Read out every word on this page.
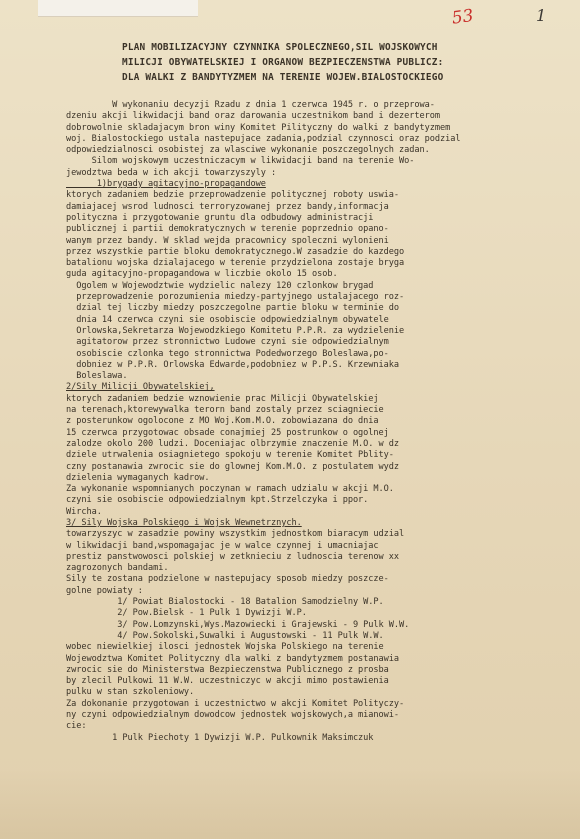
53	1
PLAN MOBILIZACYJNY CZYNNIKA SPOLECZNEGO,SIL WOJSKOWYCH
MILICJI OBYWATELSKIEJ I ORGANOW BEZPIECZENSTWA PUBLICZ:
DLA WALKI Z BANDYTYZMEM NA TERENIE WOJEW.BIALOSTOCKIEGO
W wykonaniu decyzji Rzadu z dnia 1 czerwca 1945 r. o przeprowa-
dzeniu akcji likwidacji band oraz darowania uczestnikom band i dezerterom
dobrowolnie skladajacym bron winy Komitet Pilityczny do walki z bandytyzmem
woj. Bialostockiego ustala nastepujace zadania,podzial czynnosci oraz podzial
odpowiedzialnosci osobistej za wlasciwe wykonanie poszczegolnych zadan.
Silom wojskowym uczestniczacym w likwidacji band na terenie Wo-
jewodztwa beda w ich akcji towarzyszyly :
1)brygady agitacyjno-propagandowe
ktorych zadaniem bedzie przeprowadzenie politycznej roboty uswia-
damiajacej wsrod ludnosci terroryzowanej przez bandy,informacja
polityczna i przygotowanie gruntu dla odbudowy administracji
publicznej i partii demokratycznych w terenie poprzednio opano-
wanym przez bandy. W sklad wejda pracownicy spoleczni wylonieni
przez wszystkie partie bloku demokratycznego.W zasadzie do kazdego
batalionu wojska dzialajacego w terenie przydzielona zostaje bryga
guda agitacyjno-propagandowa w liczbie okolo 15 osob.
Ogolem w Wojewodztwie wydzielic nalezy 120 czlonkow brygad
przeprowadzenie porozumienia miedzy-partyjnego ustalajacego roz-
dzial tej liczby miedzy poszczegolne partie bloku w terminie do
dnia 14 czerwca czyni sie osobiscie odpowiedzialnym obywatele
Orlowska,Sekretarza Wojewodzkiego Komitetu P.P.R. za wydzielenie
agitatorow przez stronnictwo Ludowe czyni sie odpowiedzialnym
osobiscie czlonka tego stronnictwa Podedworzego Boleslawa,po-
dobniez w P.P.R. Orlowska Edwarde,podobniez w P.P.S. Krzewniaka
Boleslawa.
2/Sily Milicji Obywatelskiej,
ktorych zadaniem bedzie wznowienie prac Milicji Obywatelskiej
na terenach,ktorewywalka terorn band zostaly przez sciagniecie
z posterunkow ogolocone z MO Woj.Kom.M.O. zobowiazana do dnia
15 czerwca przygotowac obsade conajmiej 25 postrunkow o ogolnej
zalodze okolo 200 ludzi. Doceniajac olbrzymie znaczenie M.O. w dz
dziele utrwalenia osiagnietego spokoju w terenie Komitet Pblity-
czny postanawia zwrocic sie do glownej Kom.M.O. z postulatem wydz
dzielenia wymaganych kadrow.
Za wykonanie wspomnianych poczynan w ramach udzialu w akcji M.O.
czyni sie osobiscie odpowiedzialnym kpt.Strzelczyka i ppor.
Wircha.
3/ Sily Wojska Polskiego i Wojsk Wewnetrznych.
towarzyszyc w zasadzie powiny wszystkim jednostkom biaracym udzial
w likwidacji band,wspomagajac je w walce czynnej i umacniajac
prestiz panstwowosci polskiej w zetknieciu z ludnoscia terenow xx
zagrozonych bandami.
Sily te zostana podzielone w nastepujacy sposob miedzy poszcze-
golne powiaty :
1/ Powiat Bialostocki - 18 Batalion Samodzielny W.P.
2/ Pow.Bielsk - 1 Pulk 1 Dywizji W.P.
3/ Pow.Lomzynski,Wys.Mazowiecki i Grajewski - 9 Pulk W.W.
4/ Pow.Sokolski,Suwalki i Augustowski - 11 Pulk W.W.
wobec niewielkiej ilosci jednostek Wojska Polskiego na terenie
Wojewodztwa Komitet Polityczny dla walki z bandytyzmem postanawia
zwrocic sie do Ministerstwa Bezpieczenstwa Publicznego z prosba
by zlecil Pulkowi 11 W.W. uczestniczyc w akcji mimo postawienia
pulku w stan szkoleniowy.
Za dokonanie przygotowan i uczestnictwo w akcji Komitet Polityczy-
ny czyni odpowiedzialnym dowodcow jednostek wojskowych,a mianowi-
cie:
1 Pulk Piechoty 1 Dywizji W.P. Pulkownik Maksimczuk
